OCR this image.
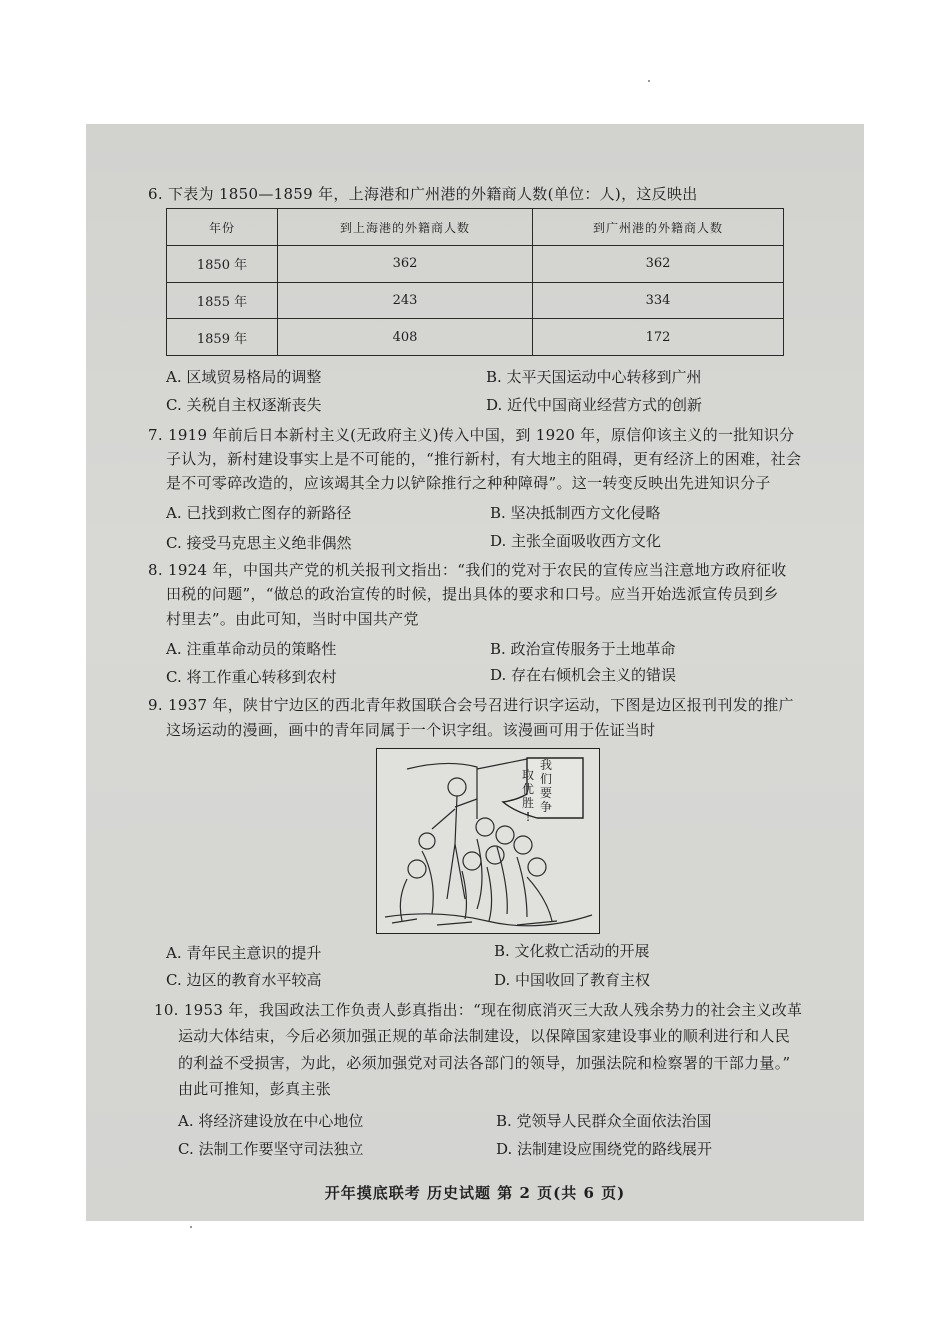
6. 下表为 1850—1859 年，上海港和广州港的外籍商人数(单位：人)，这反映出
年份	到上海港的外籍商人数	到广州港的外籍商人数
1850 年	362	362
1855 年	243	334
1859 年	408	172
A. 区域贸易格局的调整	B. 太平天国运动中心转移到广州
C. 关税自主权逐渐丧失	D. 近代中国商业经营方式的创新
7. 1919 年前后日本新村主义(无政府主义)传入中国，到 1920 年，原信仰该主义的一批知识分
子认为，新村建设事实上是不可能的，“推行新村，有大地主的阻碍，更有经济上的困难，社会
是不可零碎改造的，应该竭其全力以铲除推行之种种障碍”。这一转变反映出先进知识分子
A. 已找到救亡图存的新路径	B. 坚决抵制西方文化侵略
C. 接受马克思主义绝非偶然	D. 主张全面吸收西方文化
8. 1924 年，中国共产党的机关报刊文指出：“我们的党对于农民的宣传应当注意地方政府征收
田税的问题”，“做总的政治宣传的时候，提出具体的要求和口号。应当开始选派宣传员到乡
村里去”。由此可知，当时中国共产党
A. 注重革命动员的策略性	B. 政治宣传服务于土地革命
C. 将工作重心转移到农村	D. 存在右倾机会主义的错误
9. 1937 年，陕甘宁边区的西北青年救国联合会号召进行识字运动，下图是边区报刊刊发的推广
这场运动的漫画，画中的青年同属于一个识字组。该漫画可用于佐证当时
我
们
要
争
取
优
胜
!
A. 青年民主意识的提升	B. 文化救亡活动的开展
C. 边区的教育水平较高	D. 中国收回了教育主权
10. 1953 年，我国政法工作负责人彭真指出：“现在彻底消灭三大敌人残余势力的社会主义改革
运动大体结束，今后必须加强正规的革命法制建设，以保障国家建设事业的顺利进行和人民
的利益不受损害，为此，必须加强党对司法各部门的领导，加强法院和检察署的干部力量。”
由此可推知，彭真主张
A. 将经济建设放在中心地位	B. 党领导人民群众全面依法治国
C. 法制工作要坚守司法独立	D. 法制建设应围绕党的路线展开
开年摸底联考 历史试题 第 2 页(共 6 页)
